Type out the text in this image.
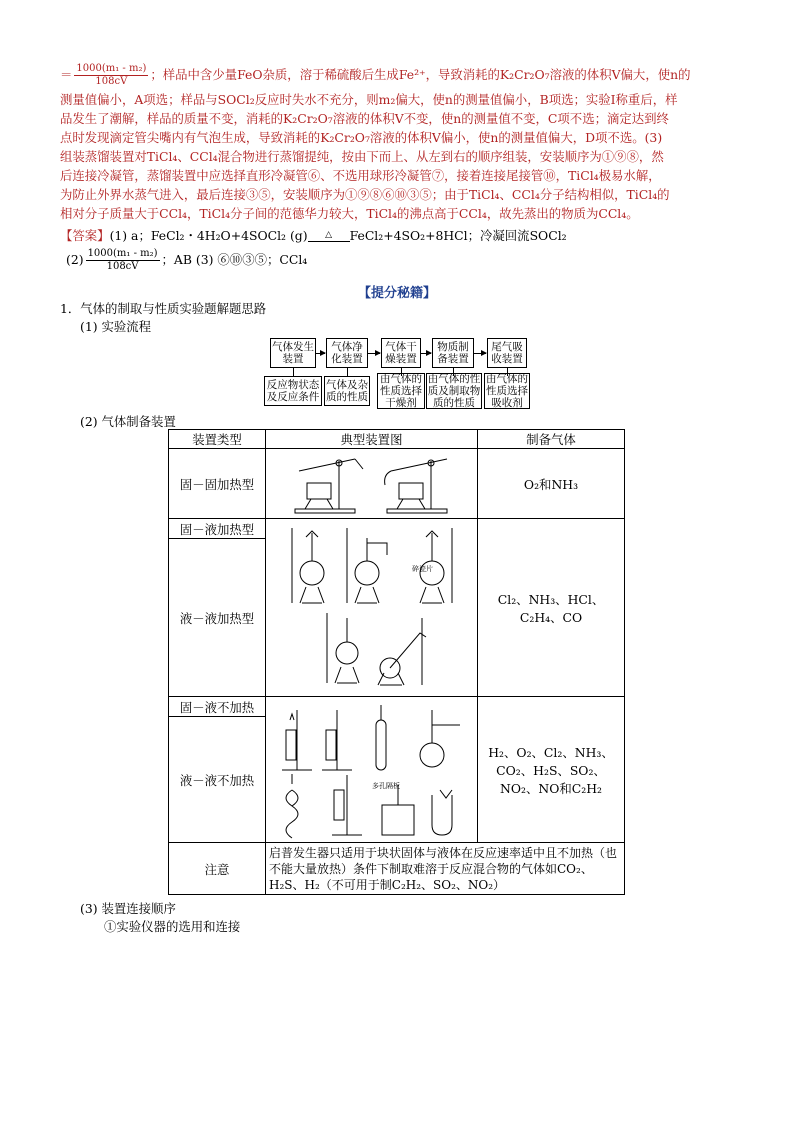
＝ $\frac{\text{1000(m₁ - m₂)}}{108cV}$ ；样品中含少量FeO杂质，溶于稀硫酸后生成Fe²⁺，导致消耗的K₂Cr₂O₇溶液的体积V偏大，使n的
测量值偏小，A项选；样品与SOCl₂反应时失水不充分，则m₂偏大，使n的测量值偏小，B项选；实验I称重后，样
品发生了潮解，样品的质量不变，消耗的K₂Cr₂O₇溶液的体积V不变，使n的测量值不变，C项不选；滴定达到终
点时发现滴定管尖嘴内有气泡生成，导致消耗的K₂Cr₂O₇溶液的体积V偏小，使n的测量值偏大，D项不选。(3)
组装蒸馏装置对TiCl₄、CCl₄混合物进行蒸馏提纯，按由下而上、从左到右的顺序组装，安装顺序为①⑨⑧，然
后连接冷凝管，蒸馏装置中应选择直形冷凝管⑥、不选用球形冷凝管⑦，接着连接尾接管⑩，TiCl₄极易水解，
为防止外界水蒸气进入，最后连接③⑤，安装顺序为①⑨⑧⑥⑩③⑤；由于TiCl₄、CCl₄分子结构相似，TiCl₄的
相对分子质量大于CCl₄，TiCl₄分子间的范德华力较大，TiCl₄的沸点高于CCl₄，故先蒸出的物质为CCl₄。
【答案】(1) a；FeCl₂・4H₂O+4SOCl₂ (g)	△	FeCl₂+4SO₂+8HCl；冷凝回流SOCl₂
$(2) \frac{\text{1000(m₁ - m₂)}}{108cV}$ ；AB (3) ⑥⑩③⑤；CCl₄
【提分秘籍】
1．气体的制取与性质实验题解题思路
(1) 实验流程
气体发生装置
气体净化装置
气体干燥装置
物质制备装置
尾气吸收装置
反应物状态及反应条件
气体及杂质的性质
由气体的性质选择干燥剂
由气体的性质及制取物质的性质
由气体的性质选择吸收剂
(2) 气体制备装置
装置类型	典型装置图	制备气体
固－固加热型		O₂和NH₃
固－液加热型	碎瓷片	Cl₂、NH₃、HCl、
C₂H₄、CO

液－液加热型		
固－液不加热	多孔隔板	H₂、O₂、Cl₂、NH₃、
CO₂、H₂S、SO₂、
NO₂、NO和C₂H₂

液－液不加热		
注意	启普发生器只适用于块状固体与液体在反应速率适中且不加热（也不能大量放热）条件下制取难溶于反应混合物的气体如CO₂、H₂S、H₂（不可用于制C₂H₂、SO₂、NO₂）	
(3) 装置连接顺序
①实验仪器的选用和连接
